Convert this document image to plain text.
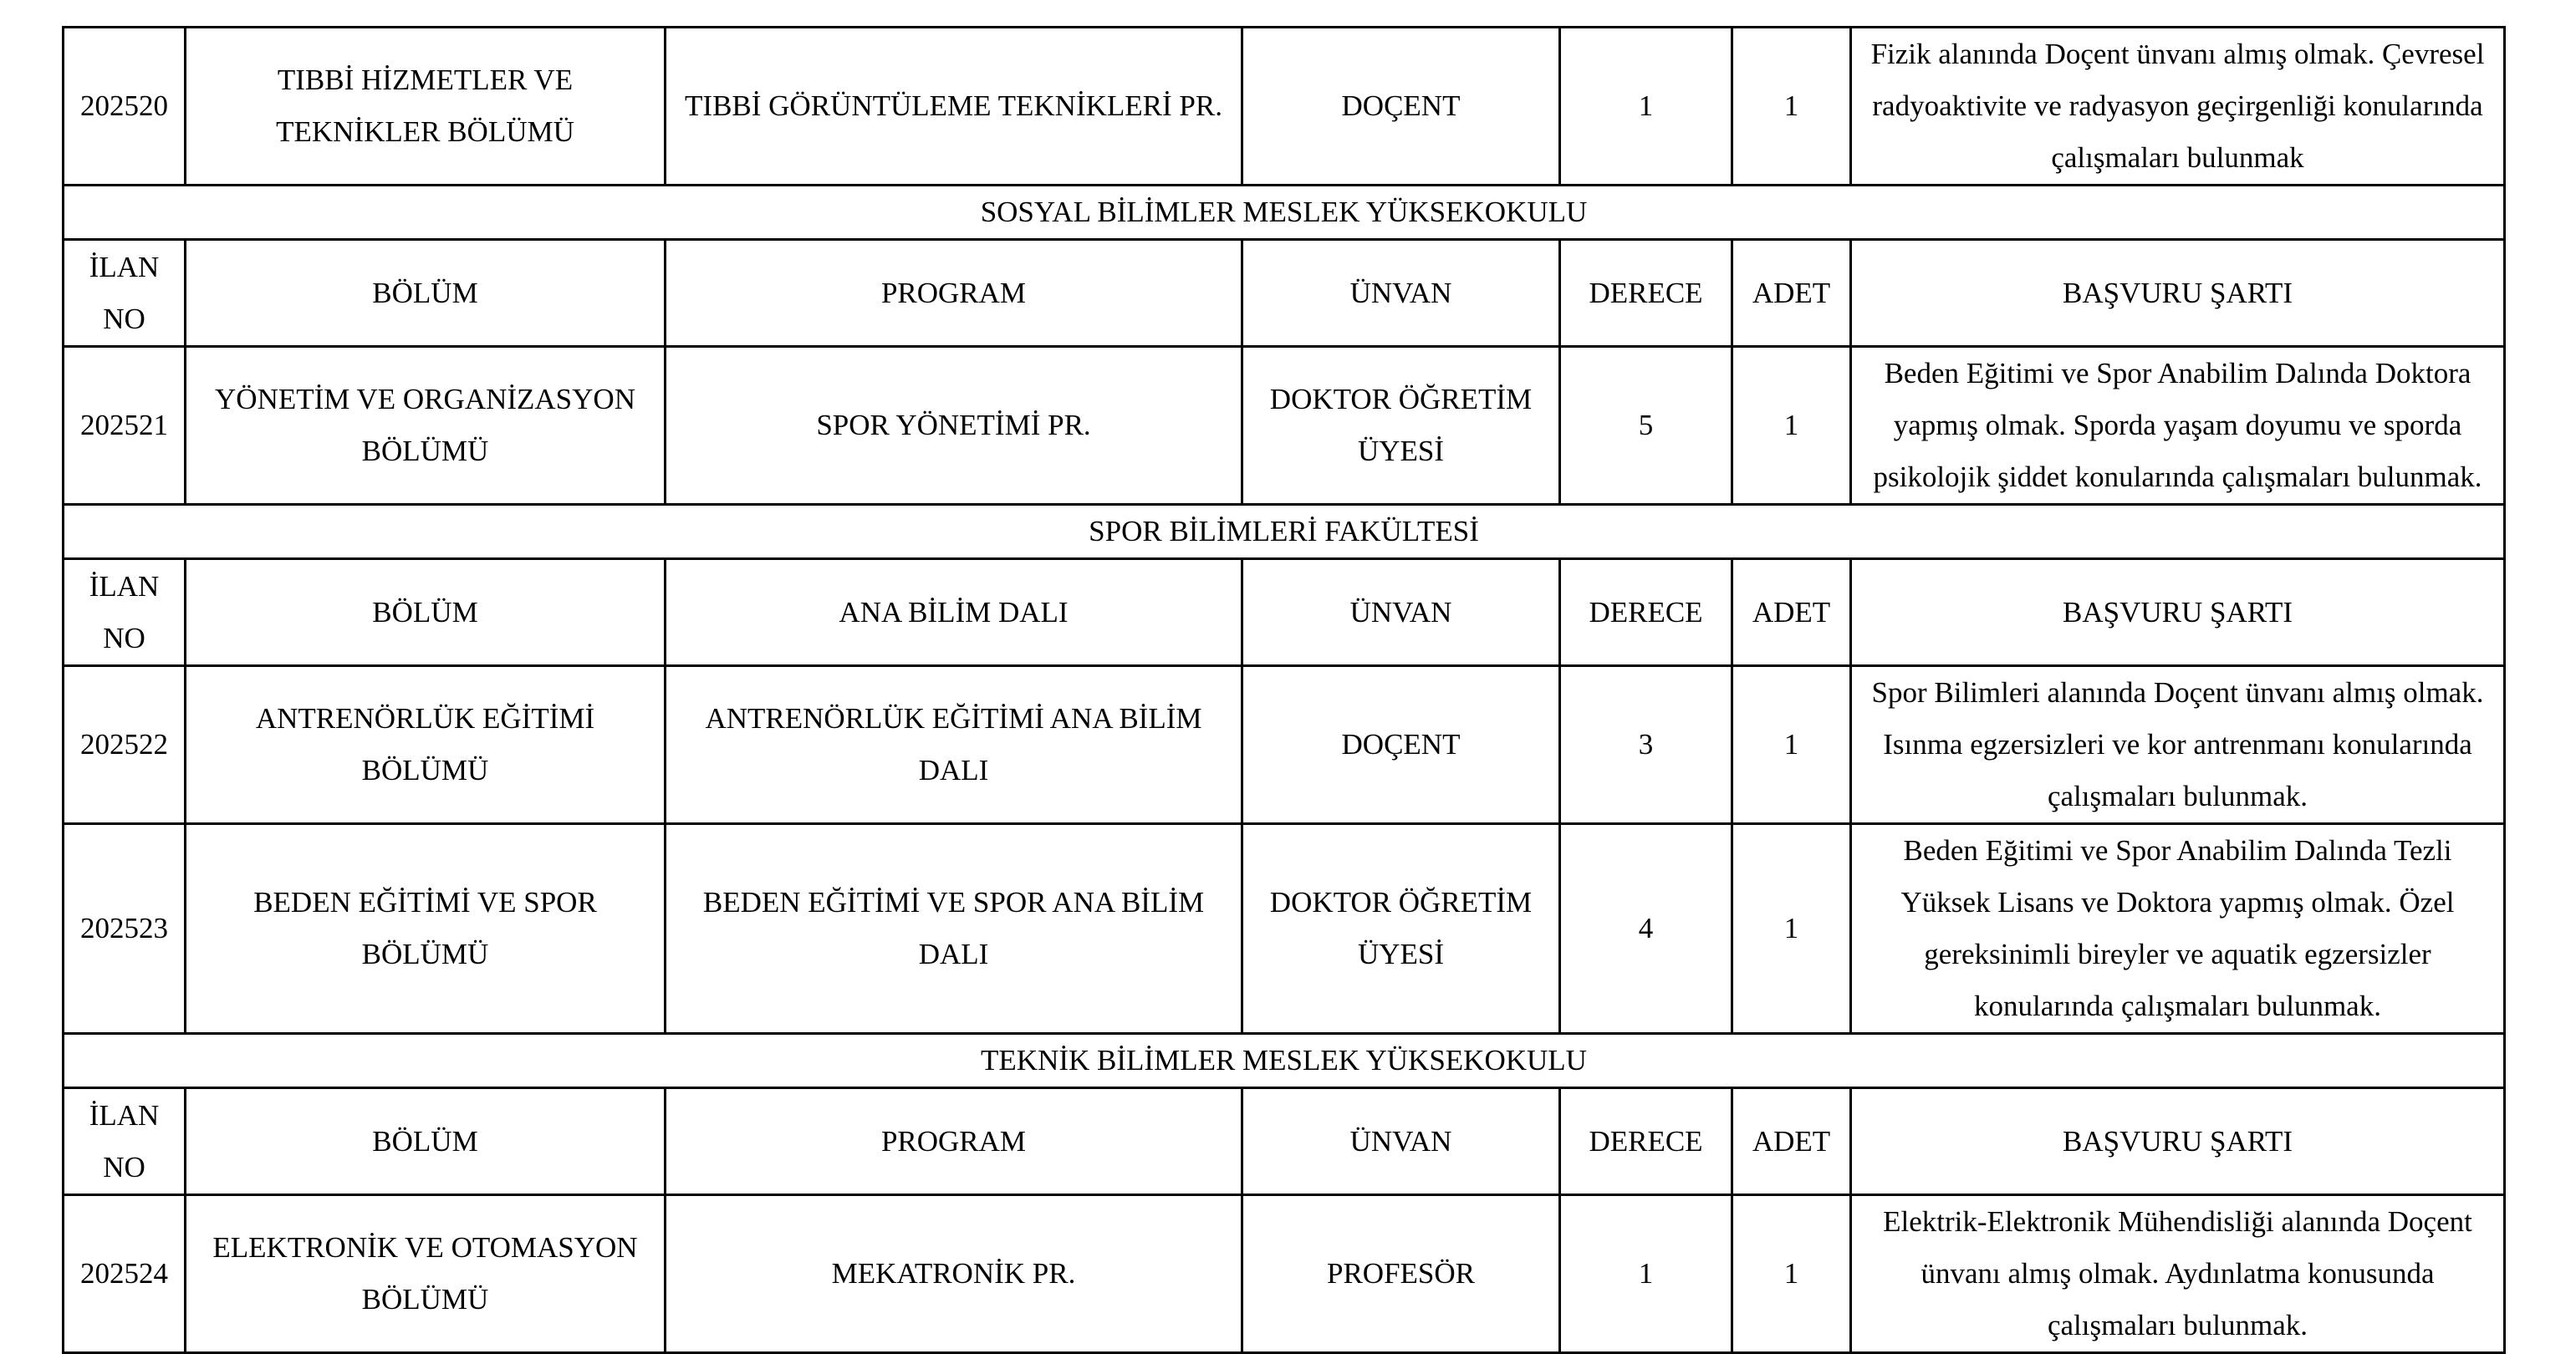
202520	TIBBİ HİZMETLER VE TEKNİKLER BÖLÜMÜ	TIBBİ GÖRÜNTÜLEME TEKNİKLERİ PR.	DOÇENT	1	1	Fizik alanında Doçent ünvanı almış olmak. Çevresel radyoaktivite ve radyasyon geçirgenliği konularında çalışmaları bulunmak
SOSYAL BİLİMLER MESLEK YÜKSEKOKULU						
İLAN NO	BÖLÜM	PROGRAM	ÜNVAN	DERECE	ADET	BAŞVURU ŞARTI
202521	YÖNETİM VE ORGANİZASYON BÖLÜMÜ	SPOR YÖNETİMİ PR.	DOKTOR ÖĞRETİM ÜYESİ	5	1	Beden Eğitimi ve Spor Anabilim Dalında Doktora yapmış olmak. Sporda yaşam doyumu ve sporda psikolojik şiddet konularında çalışmaları bulunmak.
SPOR BİLİMLERİ FAKÜLTESİ						
İLAN NO	BÖLÜM	ANA BİLİM DALI	ÜNVAN	DERECE	ADET	BAŞVURU ŞARTI
202522	ANTRENÖRLÜK EĞİTİMİ BÖLÜMÜ	ANTRENÖRLÜK EĞİTİMİ ANA BİLİM DALI	DOÇENT	3	1	Spor Bilimleri alanında Doçent ünvanı almış olmak. Isınma egzersizleri ve kor antrenmanı konularında çalışmaları bulunmak.
202523	BEDEN EĞİTİMİ VE SPOR BÖLÜMÜ	BEDEN EĞİTİMİ VE SPOR ANA BİLİM DALI	DOKTOR ÖĞRETİM ÜYESİ	4	1	Beden Eğitimi ve Spor Anabilim Dalında Tezli Yüksek Lisans ve Doktora yapmış olmak. Özel gereksinimli bireyler ve aquatik egzersizler konularında çalışmaları bulunmak.
TEKNİK BİLİMLER MESLEK YÜKSEKOKULU						
İLAN NO	BÖLÜM	PROGRAM	ÜNVAN	DERECE	ADET	BAŞVURU ŞARTI
202524	ELEKTRONİK VE OTOMASYON BÖLÜMÜ	MEKATRONİK PR.	PROFESÖR	1	1	Elektrik-Elektronik Mühendisliği alanında Doçent ünvanı almış olmak. Aydınlatma konusunda çalışmaları bulunmak.
